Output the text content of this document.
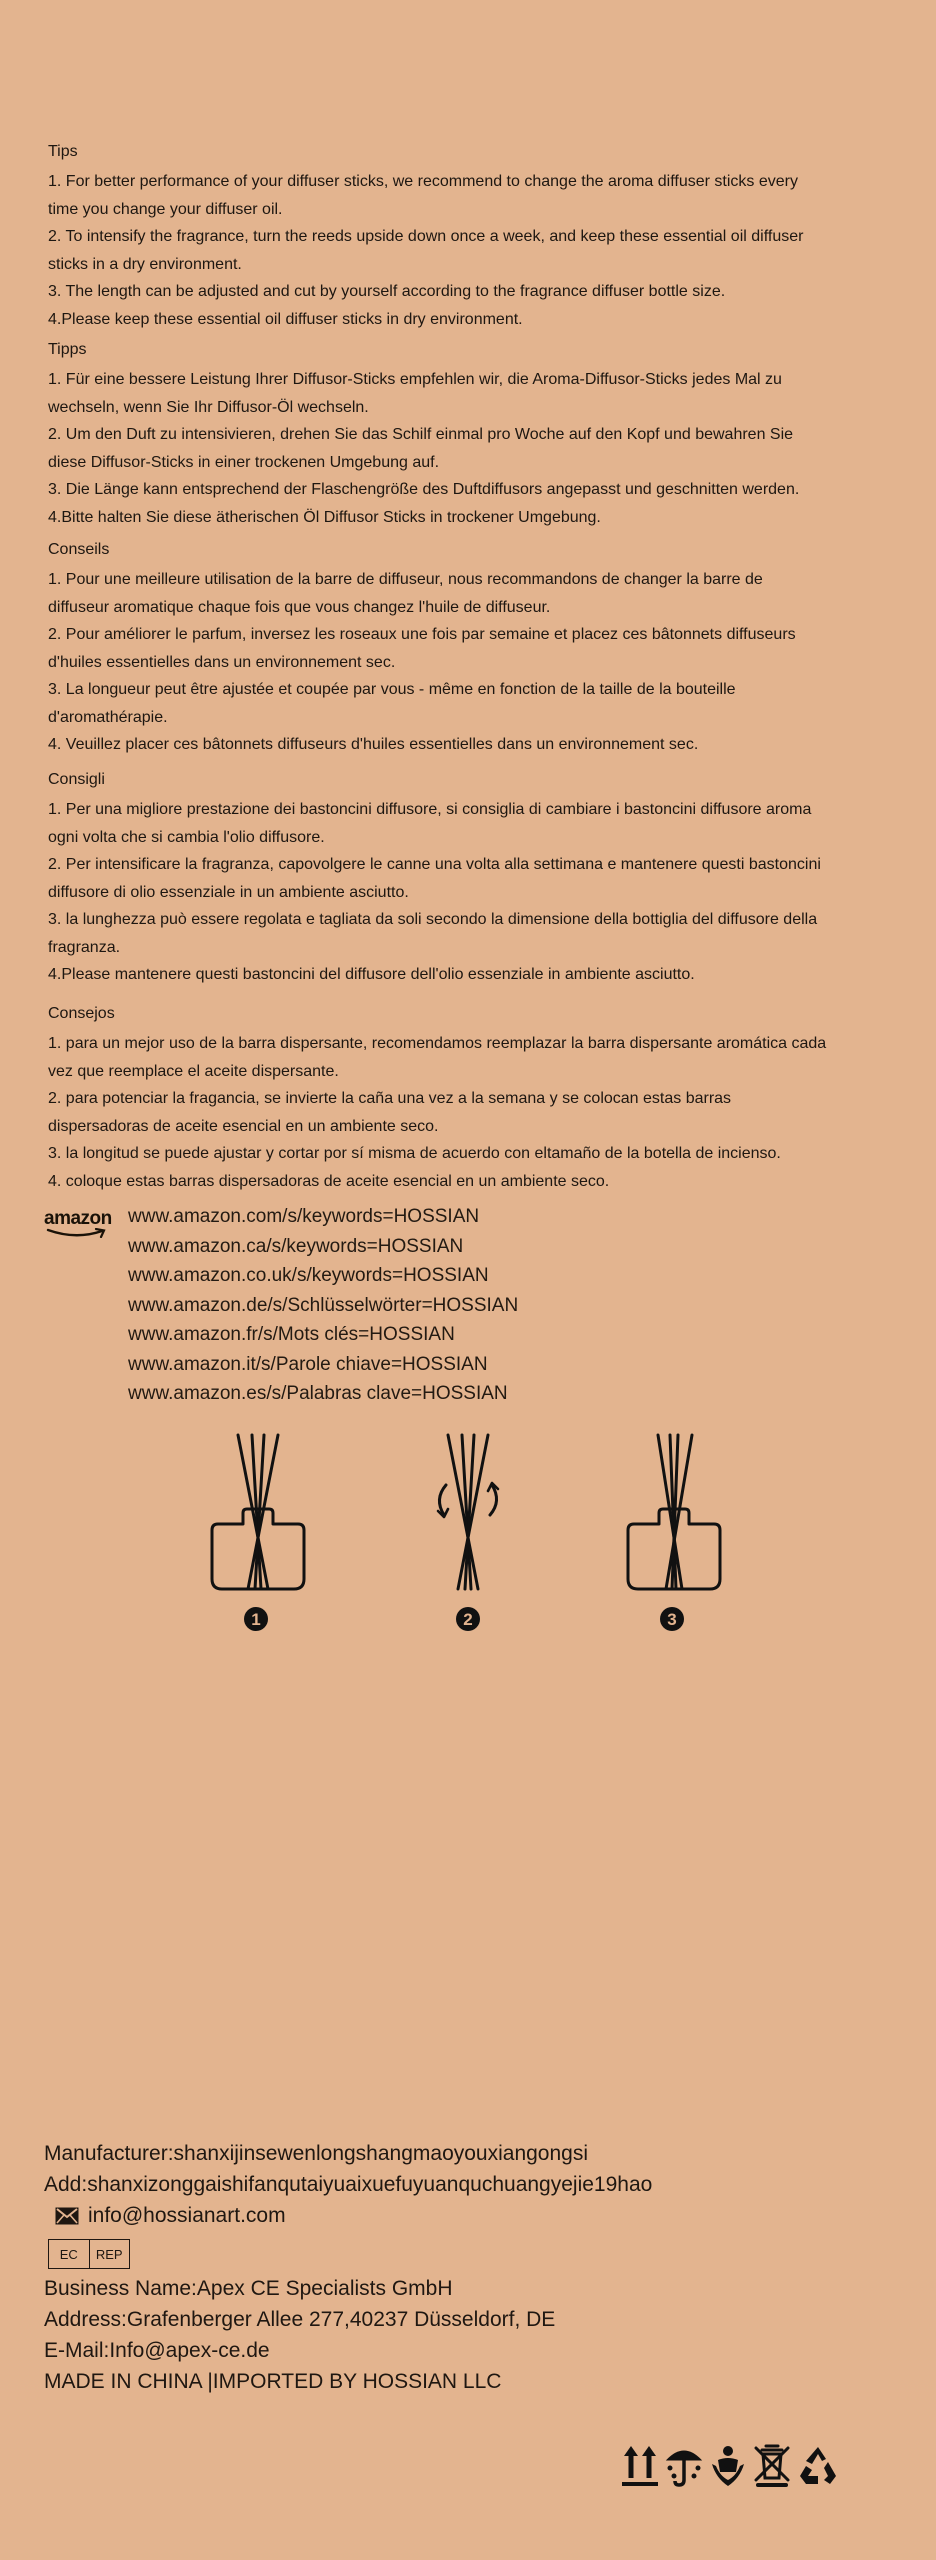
Tips

1. For better performance of your diffuser sticks, we recommend to change the aroma diffuser sticks every

time you change your diffuser oil.

2. To intensify the fragrance, turn the reeds upside down once a week, and keep these essential oil diffuser

sticks in a dry environment.

3. The length can be adjusted and cut by yourself according to the fragrance diffuser bottle size.

4.Please keep these essential oil diffuser sticks in dry environment.

Tipps

1. Für eine bessere Leistung Ihrer Diffusor-Sticks empfehlen wir, die Aroma-Diffusor-Sticks jedes Mal zu

wechseln, wenn Sie Ihr Diffusor-Öl wechseln.

2. Um den Duft zu intensivieren, drehen Sie das Schilf einmal pro Woche auf den Kopf und bewahren Sie

diese Diffusor-Sticks in einer trockenen Umgebung auf.

3. Die Länge kann entsprechend der Flaschengröße des Duftdiffusors angepasst und geschnitten werden.

4.Bitte halten Sie diese ätherischen Öl Diffusor Sticks in trockener Umgebung.

Conseils

1. Pour une meilleure utilisation de la barre de diffuseur, nous recommandons de changer la barre de

diffuseur aromatique chaque fois que vous changez l'huile de diffuseur.

2. Pour améliorer le parfum, inversez les roseaux une fois par semaine et placez ces bâtonnets diffuseurs

d'huiles essentielles dans un environnement sec.

3. La longueur peut être ajustée et coupée par vous - même en fonction de la taille de la bouteille

d'aromathérapie.

4. Veuillez placer ces bâtonnets diffuseurs d'huiles essentielles dans un environnement sec.

Consigli

1. Per una migliore prestazione dei bastoncini diffusore, si consiglia di cambiare i bastoncini diffusore aroma

ogni volta che si cambia l'olio diffusore.

2. Per intensificare la fragranza, capovolgere le canne una volta alla settimana e mantenere questi bastoncini

diffusore di olio essenziale in un ambiente asciutto.

3. la lunghezza può essere regolata e tagliata da soli secondo la dimensione della bottiglia del diffusore della

fragranza.

4.Please mantenere questi bastoncini del diffusore dell'olio essenziale in ambiente asciutto.

Consejos

1. para un mejor uso de la barra dispersante, recomendamos reemplazar la barra dispersante aromática cada

vez que reemplace el aceite dispersante.

2. para potenciar la fragancia, se invierte la caña una vez a la semana y se colocan estas barras

dispersadoras de aceite esencial en un ambiente seco.

3. la longitud se puede ajustar y cortar por sí misma de acuerdo con eltamaño de la botella de incienso.

4. coloque estas barras dispersadoras de aceite esencial en un ambiente seco.

amazon www.amazon.com/s/keywords=HOSSIAN

www.amazon.ca/s/keywords=HOSSIAN

www.amazon.co.uk/s/keywords=HOSSIAN

www.amazon.de/s/Schlüsselwörter=HOSSIAN

www.amazon.fr/s/Mots clés=HOSSIAN

www.amazon.it/s/Parole chiave=HOSSIAN

www.amazon.es/s/Palabras clave=HOSSIAN

1	2	3

Manufacturer:shanxijinsewenlongshangmaoyouxiangongsi

Add:shanxizonggaishifanqutaiyuaixuefuyuanquchuangyejie19hao

info@hossianart.com
EC	REP

Business Name:Apex CE Specialists GmbH

Address:Grafenberger Allee 277,40237 Düsseldorf, DE

E-Mail:Info@apex-ce.de

MADE IN CHINA |IMPORTED BY HOSSIAN LLC
